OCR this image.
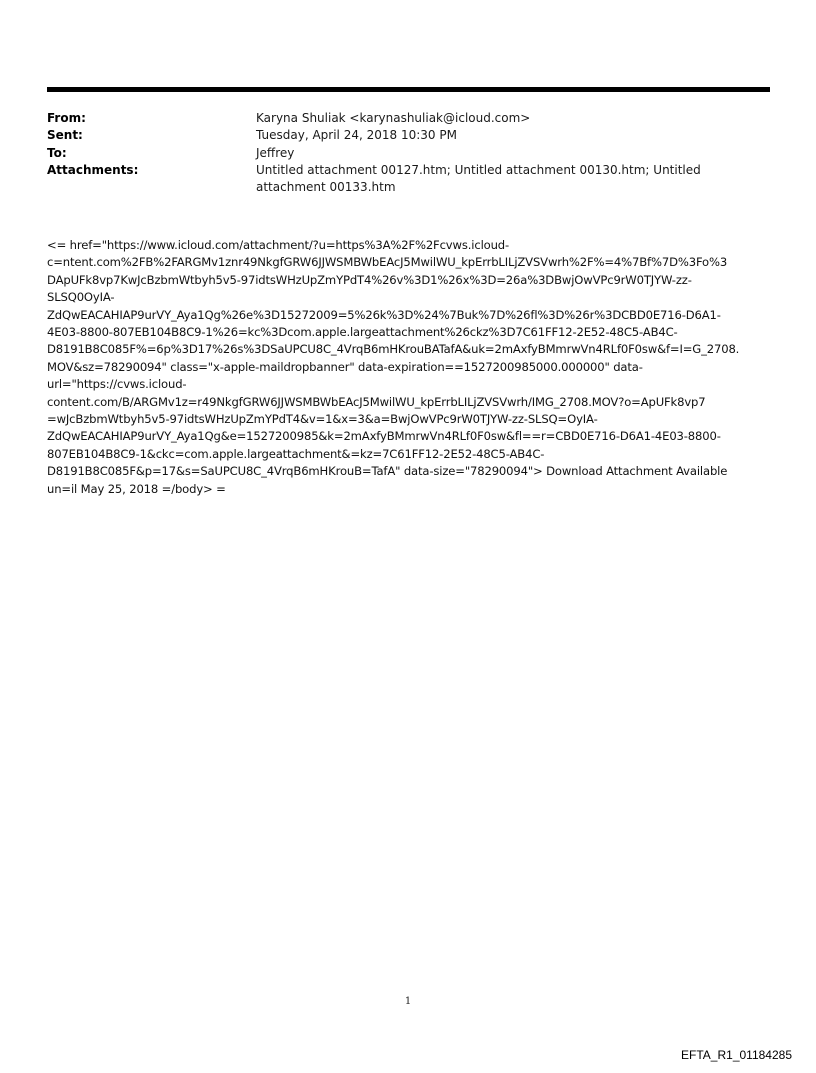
From:	Karyna Shuliak <karynashuliak@icloud.com>
Sent:	Tuesday, April 24, 2018 10:30 PM
To:	Jeffrey
Attachments:	Untitled attachment 00127.htm; Untitled attachment 00130.htm; Untitled attachment 00133.htm
<= href="https://www.icloud.com/attachment/?u=https%3A%2F%2Fcvws.icloud-
c=ntent.com%2FB%2FARGMv1znr49NkgfGRW6JJWSMBWbEAcJ5MwilWU_kpErrbLILjZVSVwrh%2F%=4%7Bf%7D%3Fo%3
DApUFk8vp7KwJcBzbmWtbyh5v5-97idtsWHzUpZmYPdT4%26v%3D1%26x%3D=26a%3DBwjOwVPc9rW0TJYW-zz-
SLSQ0OyIA-
ZdQwEACAHIAP9urVY_Aya1Qg%26e%3D15272009=5%26k%3D%24%7Buk%7D%26fl%3D%26r%3DCBD0E716-D6A1-
4E03-8800-807EB104B8C9-1%26=kc%3Dcom.apple.largeattachment%26ckz%3D7C61FF12-2E52-48C5-AB4C-
D8191B8C085F%=6p%3D17%26s%3DSaUPCU8C_4VrqB6mHKrouBATafA&uk=2mAxfyBMmrwVn4RLf0F0sw&f=I=G_2708.
MOV&sz=78290094" class="x-apple-maildropbanner" data-expiration==1527200985000.000000" data-
url="https://cvws.icloud-
content.com/B/ARGMv1z=r49NkgfGRW6JJWSMBWbEAcJ5MwilWU_kpErrbLILjZVSVwrh/IMG_2708.MOV?o=ApUFk8vp7
=wJcBzbmWtbyh5v5-97idtsWHzUpZmYPdT4&v=1&x=3&a=BwjOwVPc9rW0TJYW-zz-SLSQ=OyIA-
ZdQwEACAHIAP9urVY_Aya1Qg&e=1527200985&k=2mAxfyBMmrwVn4RLf0F0sw&fl==r=CBD0E716-D6A1-4E03-8800-
807EB104B8C9-1&ckc=com.apple.largeattachment&=kz=7C61FF12-2E52-48C5-AB4C-
D8191B8C085F&p=17&s=SaUPCU8C_4VrqB6mHKrouB=TafA" data-size="78290094"> Download Attachment Available
un=il May 25, 2018 =/body> =
1
EFTA_R1_01184285
